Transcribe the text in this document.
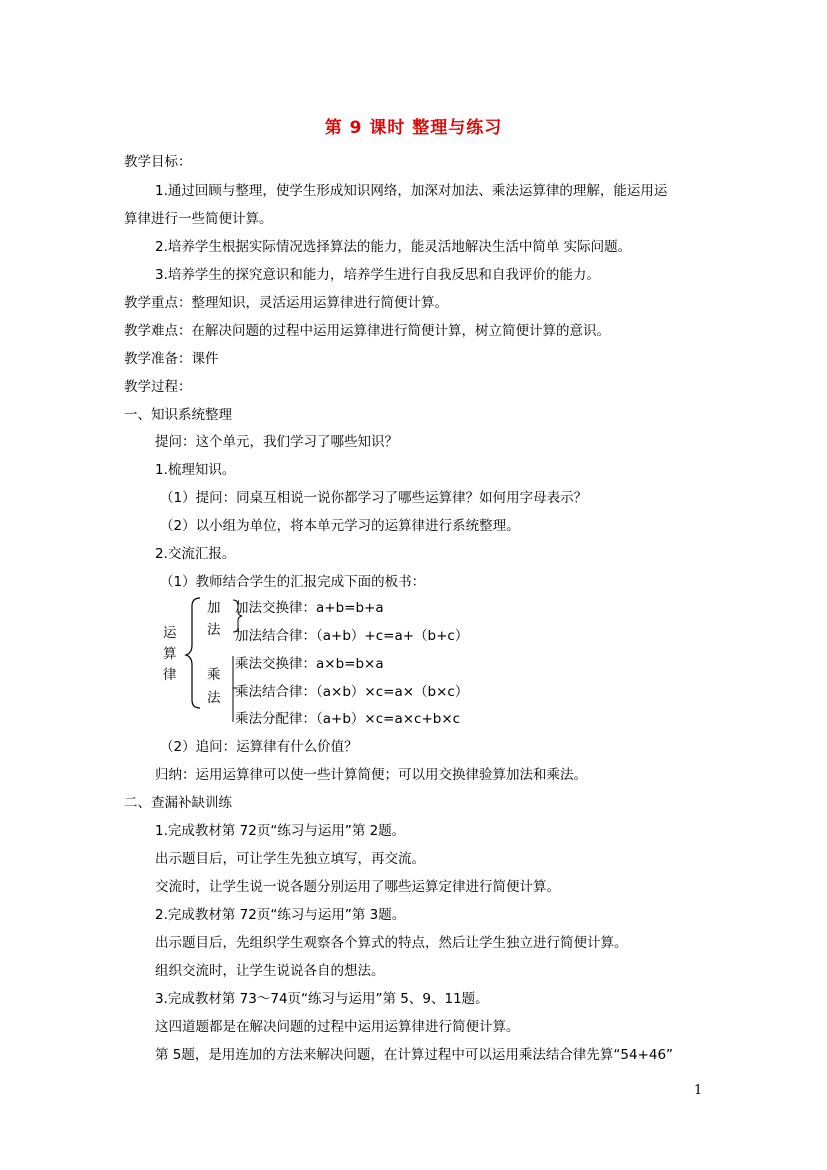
第 9 课时 整理与练习
教学目标：
1.通过回顾与整理，使学生形成知识网络，加深对加法、乘法运算律的理解，能运用运
算律进行一些简便计算。
2.培养学生根据实际情况选择算法的能力，能灵活地解决生活中简单 实际问题。
3.培养学生的探究意识和能力，培养学生进行自我反思和自我评价的能力。
教学重点：整理知识，灵活运用运算律进行简便计算。
教学难点：在解决问题的过程中运用运算律进行简便计算，树立简便计算的意识。
教学准备：课件
教学过程：
一、知识系统整理
提问：这个单元，我们学习了哪些知识？
1.梳理知识。
（1）提问：同桌互相说一说你都学习了哪些运算律？如何用字母表示？
（2）以小组为单位，将本单元学习的运算律进行系统整理。
2.交流汇报。
（1）教师结合学生的汇报完成下面的板书：
运
算
律
加
法
乘
法
加法交换律：a+b=b+a
加法结合律：（a+b）+c=a+（b+c）
乘法交换律：a×b=b×a
乘法结合律：（a×b）×c=a×（b×c）
乘法分配律：（a+b）×c=a×c+b×c
（2）追问：运算律有什么价值？
归纳：运用运算律可以使一些计算简便；可以用交换律验算加法和乘法。
二、查漏补缺训练
1.完成教材第 72页“练习与运用”第 2题。
出示题目后，可让学生先独立填写，再交流。
交流时，让学生说一说各题分别运用了哪些运算定律进行简便计算。
2.完成教材第 72页“练习与运用”第 3题。
出示题目后，先组织学生观察各个算式的特点，然后让学生独立进行简便计算。
组织交流时，让学生说说各自的想法。
3.完成教材第 73～74页“练习与运用”第 5、9、11题。
这四道题都是在解决问题的过程中运用运算律进行简便计算。
第 5题，是用连加的方法来解决问题，在计算过程中可以运用乘法结合律先算“54+46”
1
